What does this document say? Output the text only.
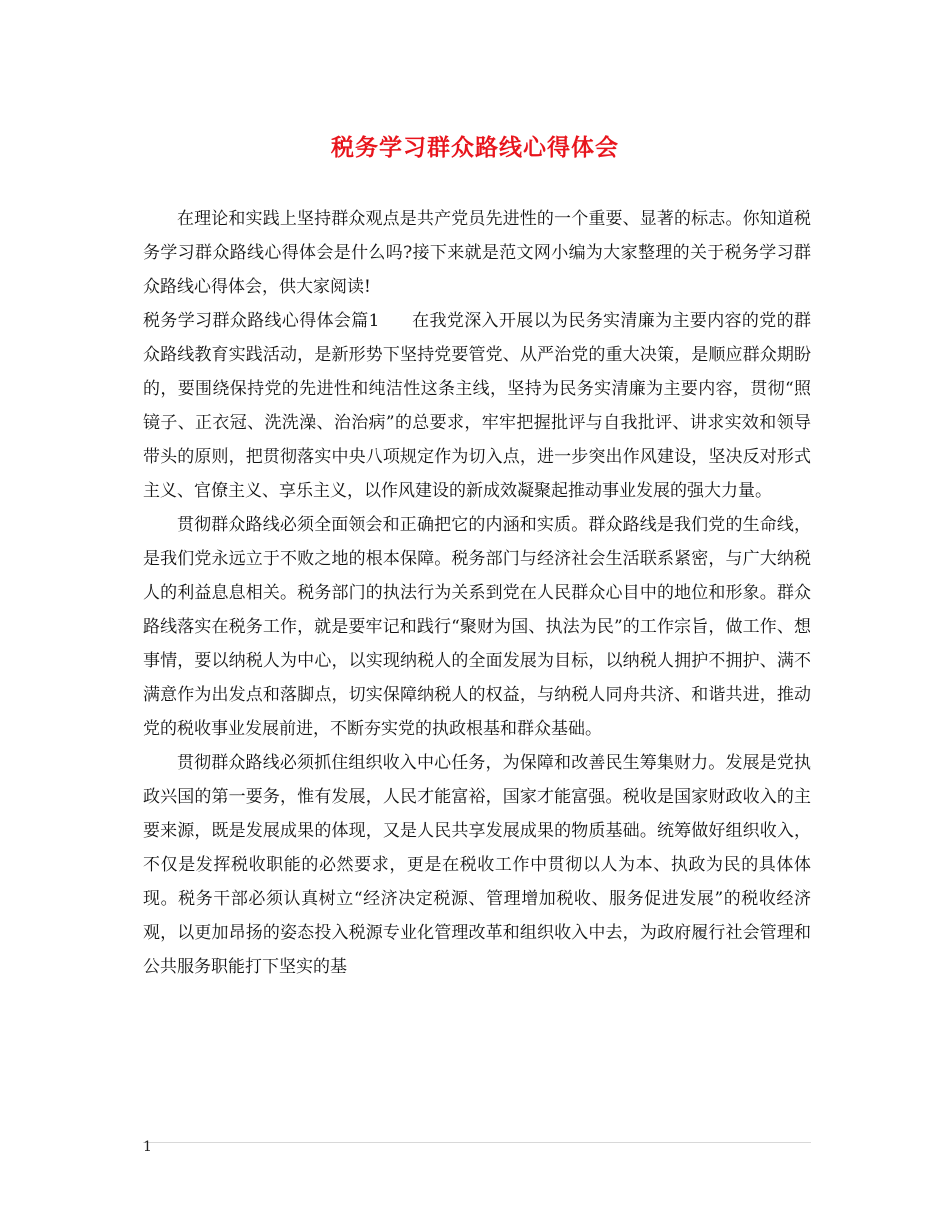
税务学习群众路线心得体会

在理论和实践上坚持群众观点是共产党员先进性的一个重要、显著的标志。你知道税务学习群众路线心得体会是什么吗?接下来就是范文网小编为大家整理的关于税务学习群众路线心得体会，供大家阅读!

税务学习群众路线心得体会篇1 在我党深入开展以为民务实清廉为主要内容的党的群众路线教育实践活动，是新形势下坚持党要管党、从严治党的重大决策，是顺应群众期盼的，要围绕保持党的先进性和纯洁性这条主线，坚持为民务实清廉为主要内容，贯彻“照镜子、正衣冠、洗洗澡、治治病”的总要求，牢牢把握批评与自我批评、讲求实效和领导带头的原则，把贯彻落实中央八项规定作为切入点，进一步突出作风建设，坚决反对形式主义、官僚主义、享乐主义，以作风建设的新成效凝聚起推动事业发展的强大力量。

贯彻群众路线必须全面领会和正确把它的内涵和实质。群众路线是我们党的生命线，是我们党永远立于不败之地的根本保障。税务部门与经济社会生活联系紧密，与广大纳税人的利益息息相关。税务部门的执法行为关系到党在人民群众心目中的地位和形象。群众路线落实在税务工作，就是要牢记和践行“聚财为国、执法为民”的工作宗旨，做工作、想事情，要以纳税人为中心，以实现纳税人的全面发展为目标，以纳税人拥护不拥护、满不满意作为出发点和落脚点，切实保障纳税人的权益，与纳税人同舟共济、和谐共进，推动党的税收事业发展前进，不断夯实党的执政根基和群众基础。

贯彻群众路线必须抓住组织收入中心任务，为保障和改善民生筹集财力。发展是党执政兴国的第一要务，惟有发展，人民才能富裕，国家才能富强。税收是国家财政收入的主要来源，既是发展成果的体现，又是人民共享发展成果的物质基础。统筹做好组织收入，不仅是发挥税收职能的必然要求，更是在税收工作中贯彻以人为本、执政为民的具体体现。税务干部必须认真树立“经济决定税源、管理增加税收、服务促进发展”的税收经济观，以更加昂扬的姿态投入税源专业化管理改革和组织收入中去，为政府履行社会管理和公共服务职能打下坚实的基

1
